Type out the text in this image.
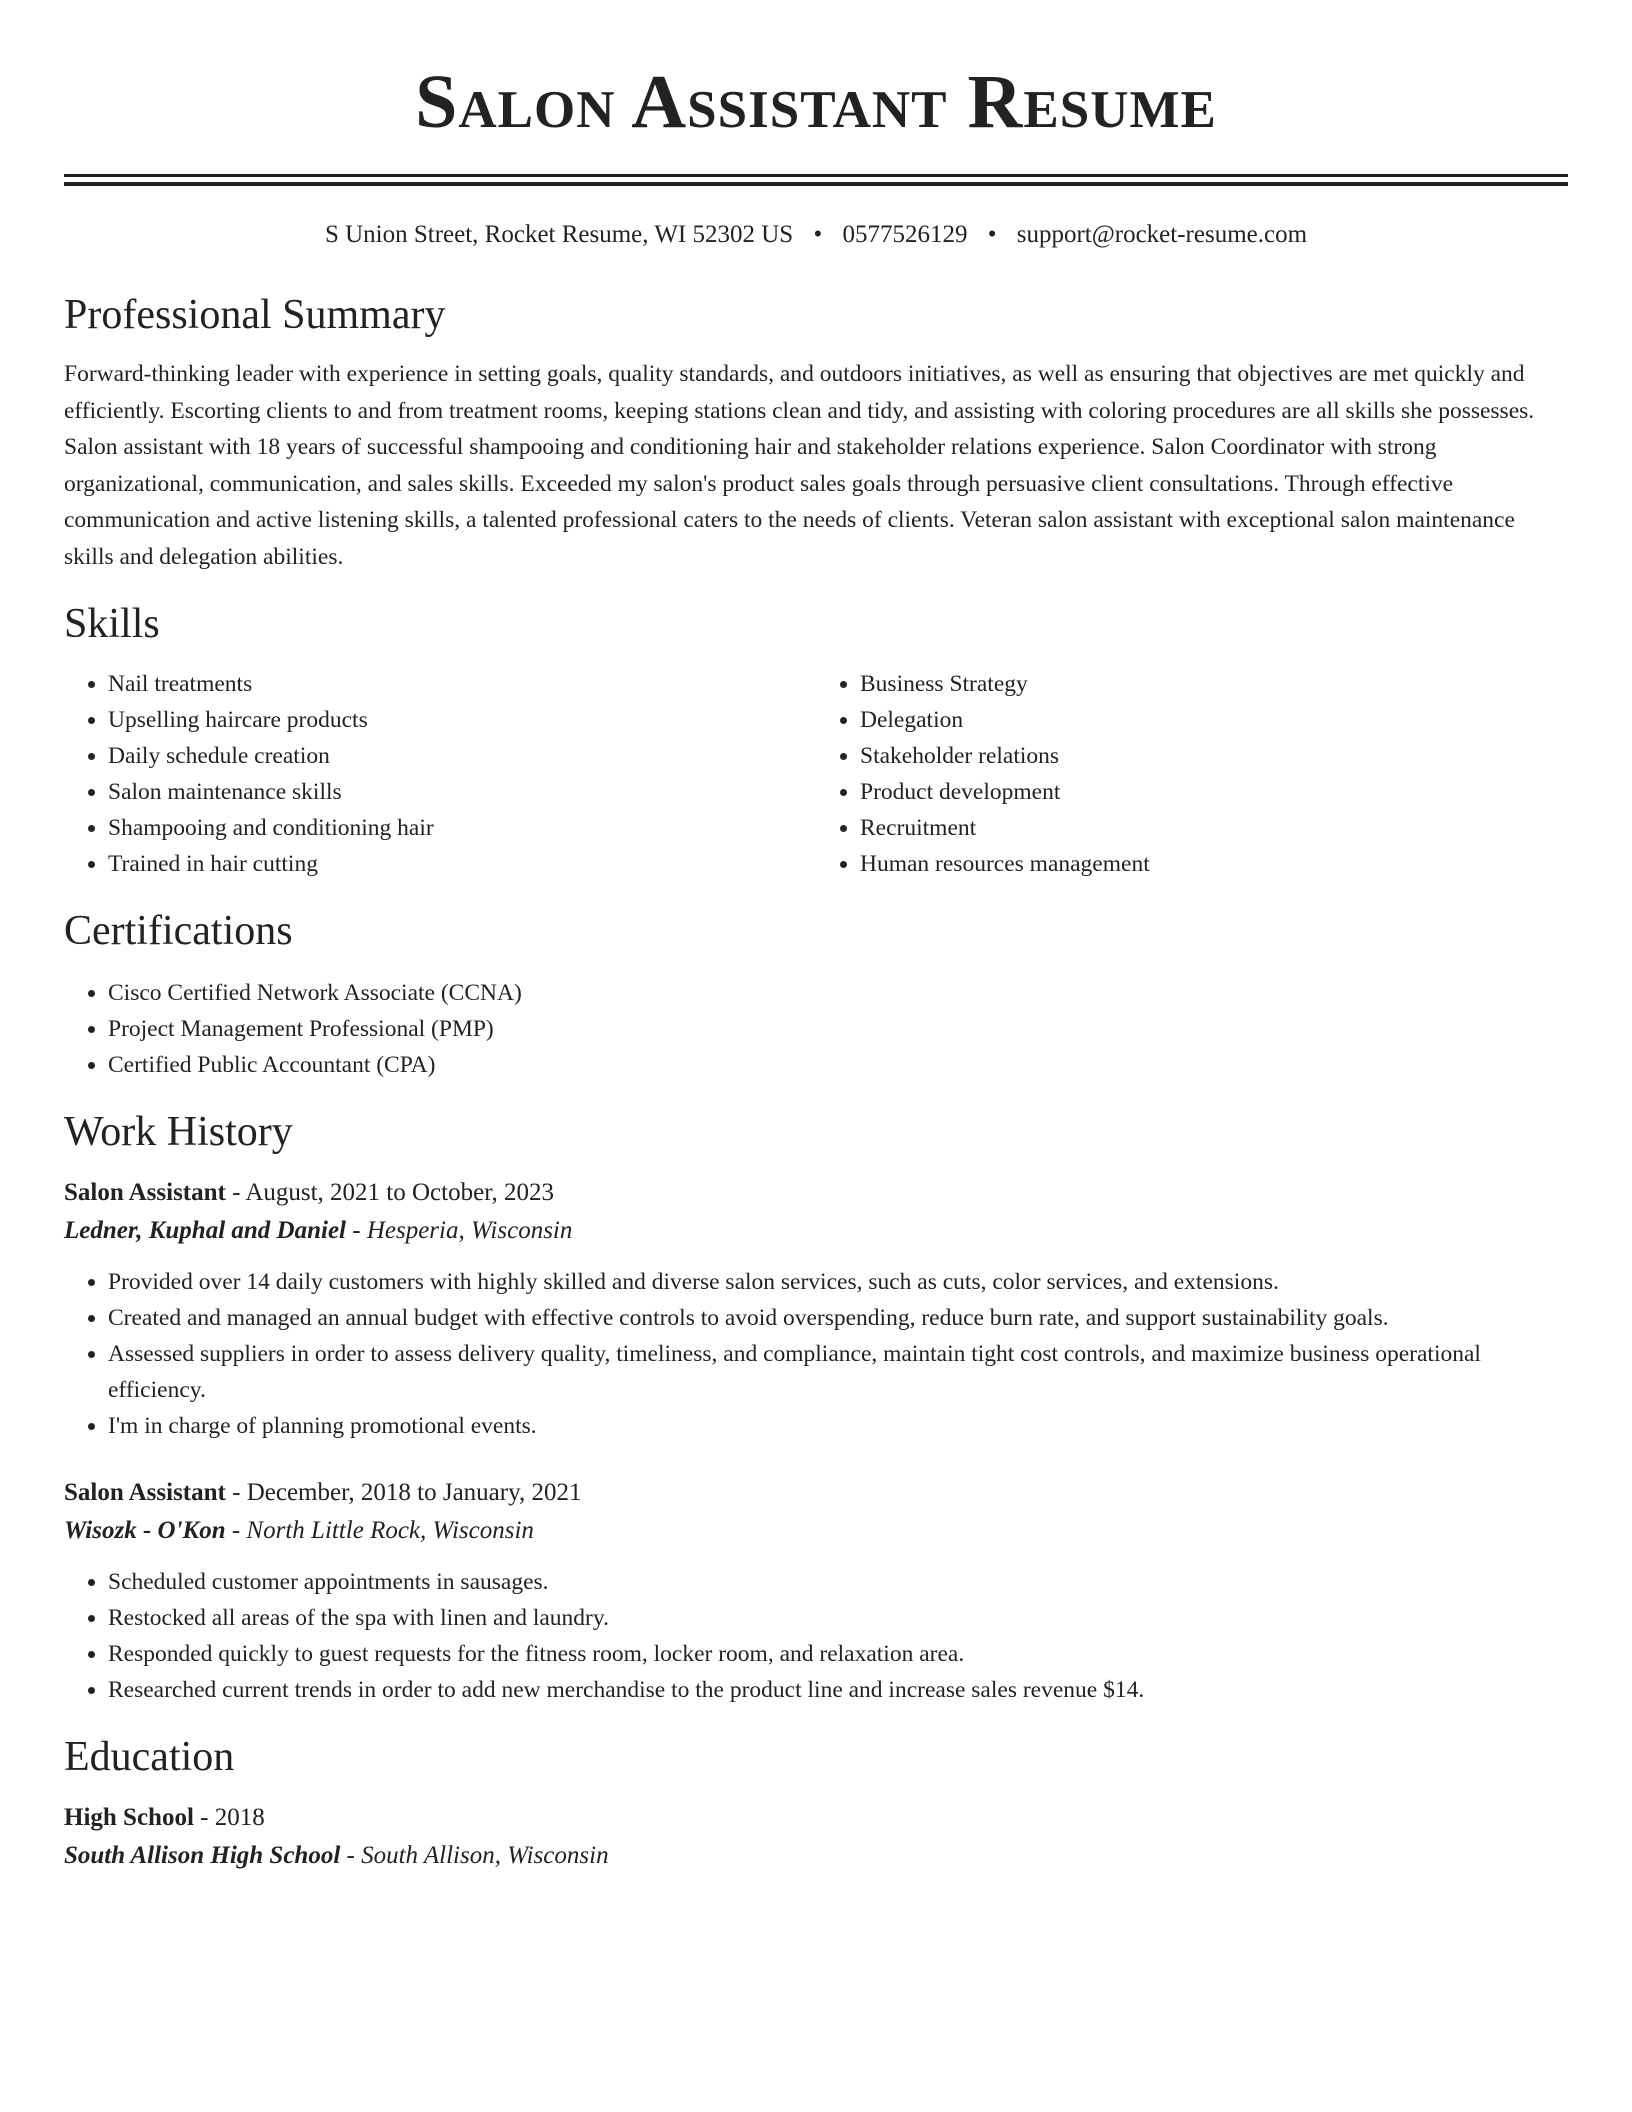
Salon Assistant Resume
S Union Street, Rocket Resume, WI 52302 US • 0577526129 • support@rocket-resume.com
Professional Summary
Forward-thinking leader with experience in setting goals, quality standards, and outdoors initiatives, as well as ensuring that objectives are met quickly and efficiently. Escorting clients to and from treatment rooms, keeping stations clean and tidy, and assisting with coloring procedures are all skills she possesses. Salon assistant with 18 years of successful shampooing and conditioning hair and stakeholder relations experience. Salon Coordinator with strong organizational, communication, and sales skills. Exceeded my salon's product sales goals through persuasive client consultations. Through effective communication and active listening skills, a talented professional caters to the needs of clients. Veteran salon assistant with exceptional salon maintenance skills and delegation abilities.
Skills
• Nail treatments
• Upselling haircare products
• Daily schedule creation
• Salon maintenance skills
• Shampooing and conditioning hair
• Trained in hair cutting
• Business Strategy
• Delegation
• Stakeholder relations
• Product development
• Recruitment
• Human resources management
Certifications
• Cisco Certified Network Associate (CCNA)
• Project Management Professional (PMP)
• Certified Public Accountant (CPA)
Work History
Salon Assistant - August, 2021 to October, 2023
Ledner, Kuphal and Daniel - Hesperia, Wisconsin
• Provided over 14 daily customers with highly skilled and diverse salon services, such as cuts, color services, and extensions.
• Created and managed an annual budget with effective controls to avoid overspending, reduce burn rate, and support sustainability goals.
• Assessed suppliers in order to assess delivery quality, timeliness, and compliance, maintain tight cost controls, and maximize business operational efficiency.
• I'm in charge of planning promotional events.
Salon Assistant - December, 2018 to January, 2021
Wisozk - O'Kon - North Little Rock, Wisconsin
• Scheduled customer appointments in sausages.
• Restocked all areas of the spa with linen and laundry.
• Responded quickly to guest requests for the fitness room, locker room, and relaxation area.
• Researched current trends in order to add new merchandise to the product line and increase sales revenue $14.
Education
High School - 2018
South Allison High School - South Allison, Wisconsin
